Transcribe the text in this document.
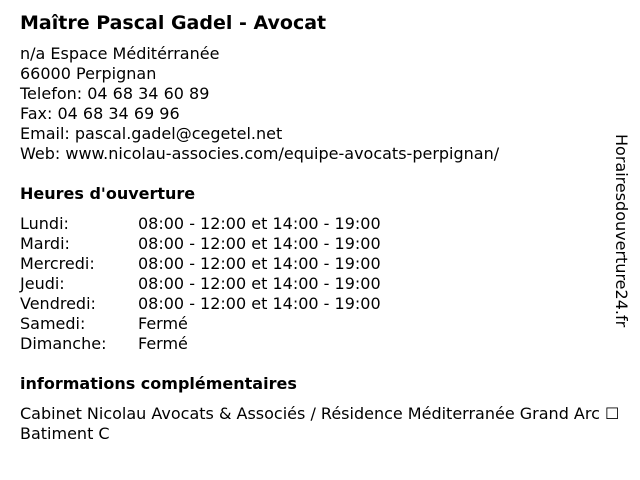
Maître Pascal Gadel - Avocat
n/a Espace Méditérranée
66000 Perpignan
Telefon: 04 68 34 60 89
Fax: 04 68 34 69 96
Email: pascal.gadel@cegetel.net
Web: www.nicolau-associes.com/equipe-avocats-perpignan/
Heures d'ouverture
Lundi:	08:00 - 12:00 et 14:00 - 19:00
Mardi:	08:00 - 12:00 et 14:00 - 19:00
Mercredi:	08:00 - 12:00 et 14:00 - 19:00
Jeudi:	08:00 - 12:00 et 14:00 - 19:00
Vendredi:	08:00 - 12:00 et 14:00 - 19:00
Samedi:	Fermé
Dimanche: Fermé
informations complémentaires
Cabinet Nicolau Avocats & Associés / Résidence Méditerranée Grand Arc ☐ Batiment C
Horairesdouverture24.fr
